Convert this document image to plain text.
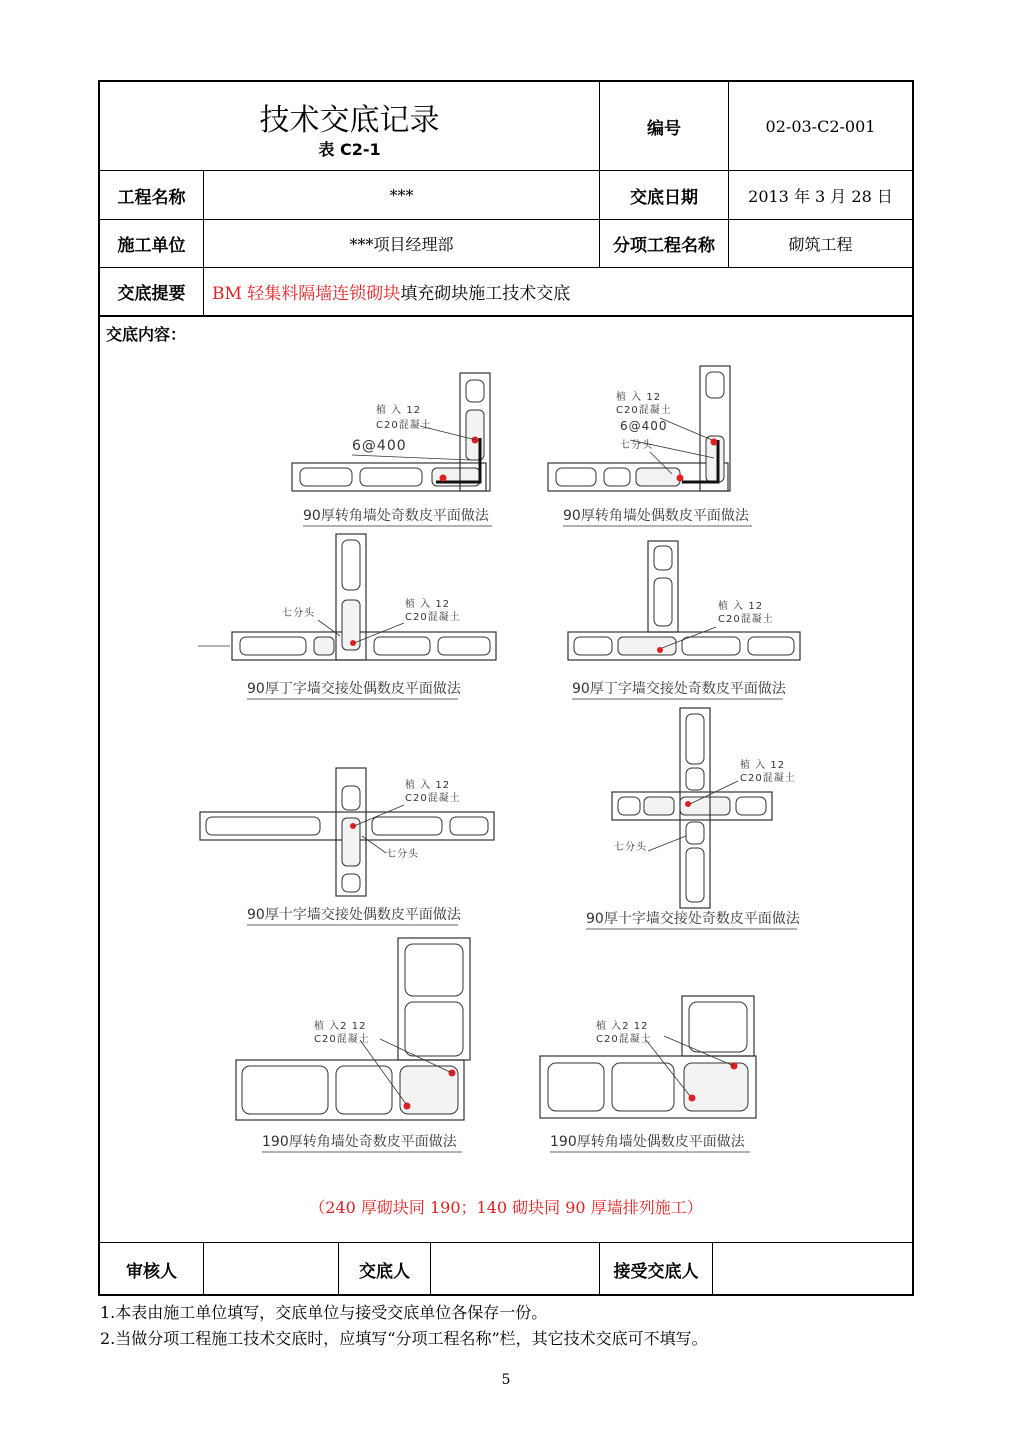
技术交底记录
表 C2-1
编号	02-03-C2-001
工程名称	***	交底日期	2013 年 3 月 28 日
施工单位	***项目经理部	分项工程名称	砌筑工程
交底提要	BM 轻集料隔墙连锁砌块 填充砌块施工技术交底
交底内容：
植 入 12
C20混凝土
6@400
90厚转角墙处奇数皮平面做法
植 入 12
C20混凝土
6@400
七分头
90厚转角墙处偶数皮平面做法
植 入 12
C20混凝土
七分头
90厚丁字墙交接处偶数皮平面做法
植 入 12
C20混凝土
90厚丁字墙交接处奇数皮平面做法
植 入 12
C20混凝土
七分头
90厚十字墙交接处偶数皮平面做法
植 入 12
C20混凝土
七分头
90厚十字墙交接处奇数皮平面做法
植 入2 12
C20混凝土
190厚转角墙处奇数皮平面做法
植 入2 12
C20混凝土
190厚转角墙处偶数皮平面做法
（240 厚砌块同 190；140 砌块同 90 厚墙排列施工）
审核人	交底人	接受交底人
1.本表由施工单位填写，交底单位与接受交底单位各保存一份。
2.当做分项工程施工技术交底时，应填写“分项工程名称”栏，其它技术交底可不填写。
5
